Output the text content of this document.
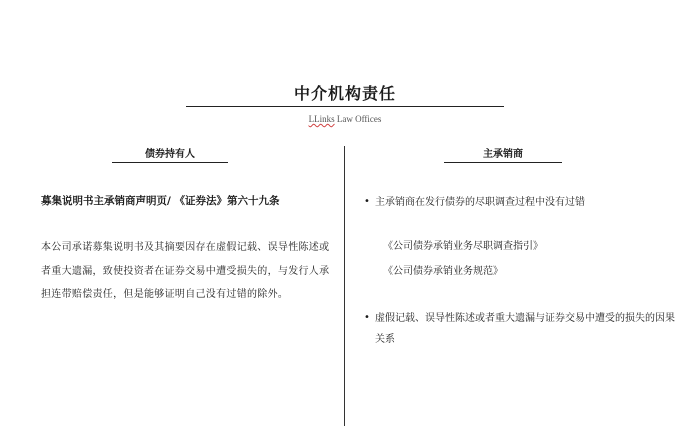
中介机构责任
LLinks Law Offices
债券持有人
募集说明书主承销商声明页/ 《证券法》第六十九条
本公司承诺募集说明书及其摘要因存在虚假记载、误导性陈述或者重大遗漏，致使投资者在证券交易中遭受损失的，与发行人承担连带赔偿责任，但是能够证明自己没有过错的除外。
主承销商
• 主承销商在发行债券的尽职调查过程中没有过错
《公司债券承销业务尽职调查指引》
《公司债券承销业务规范》
• 虚假记载、误导性陈述或者重大遗漏与证券交易中遭受的损失的因果关系
